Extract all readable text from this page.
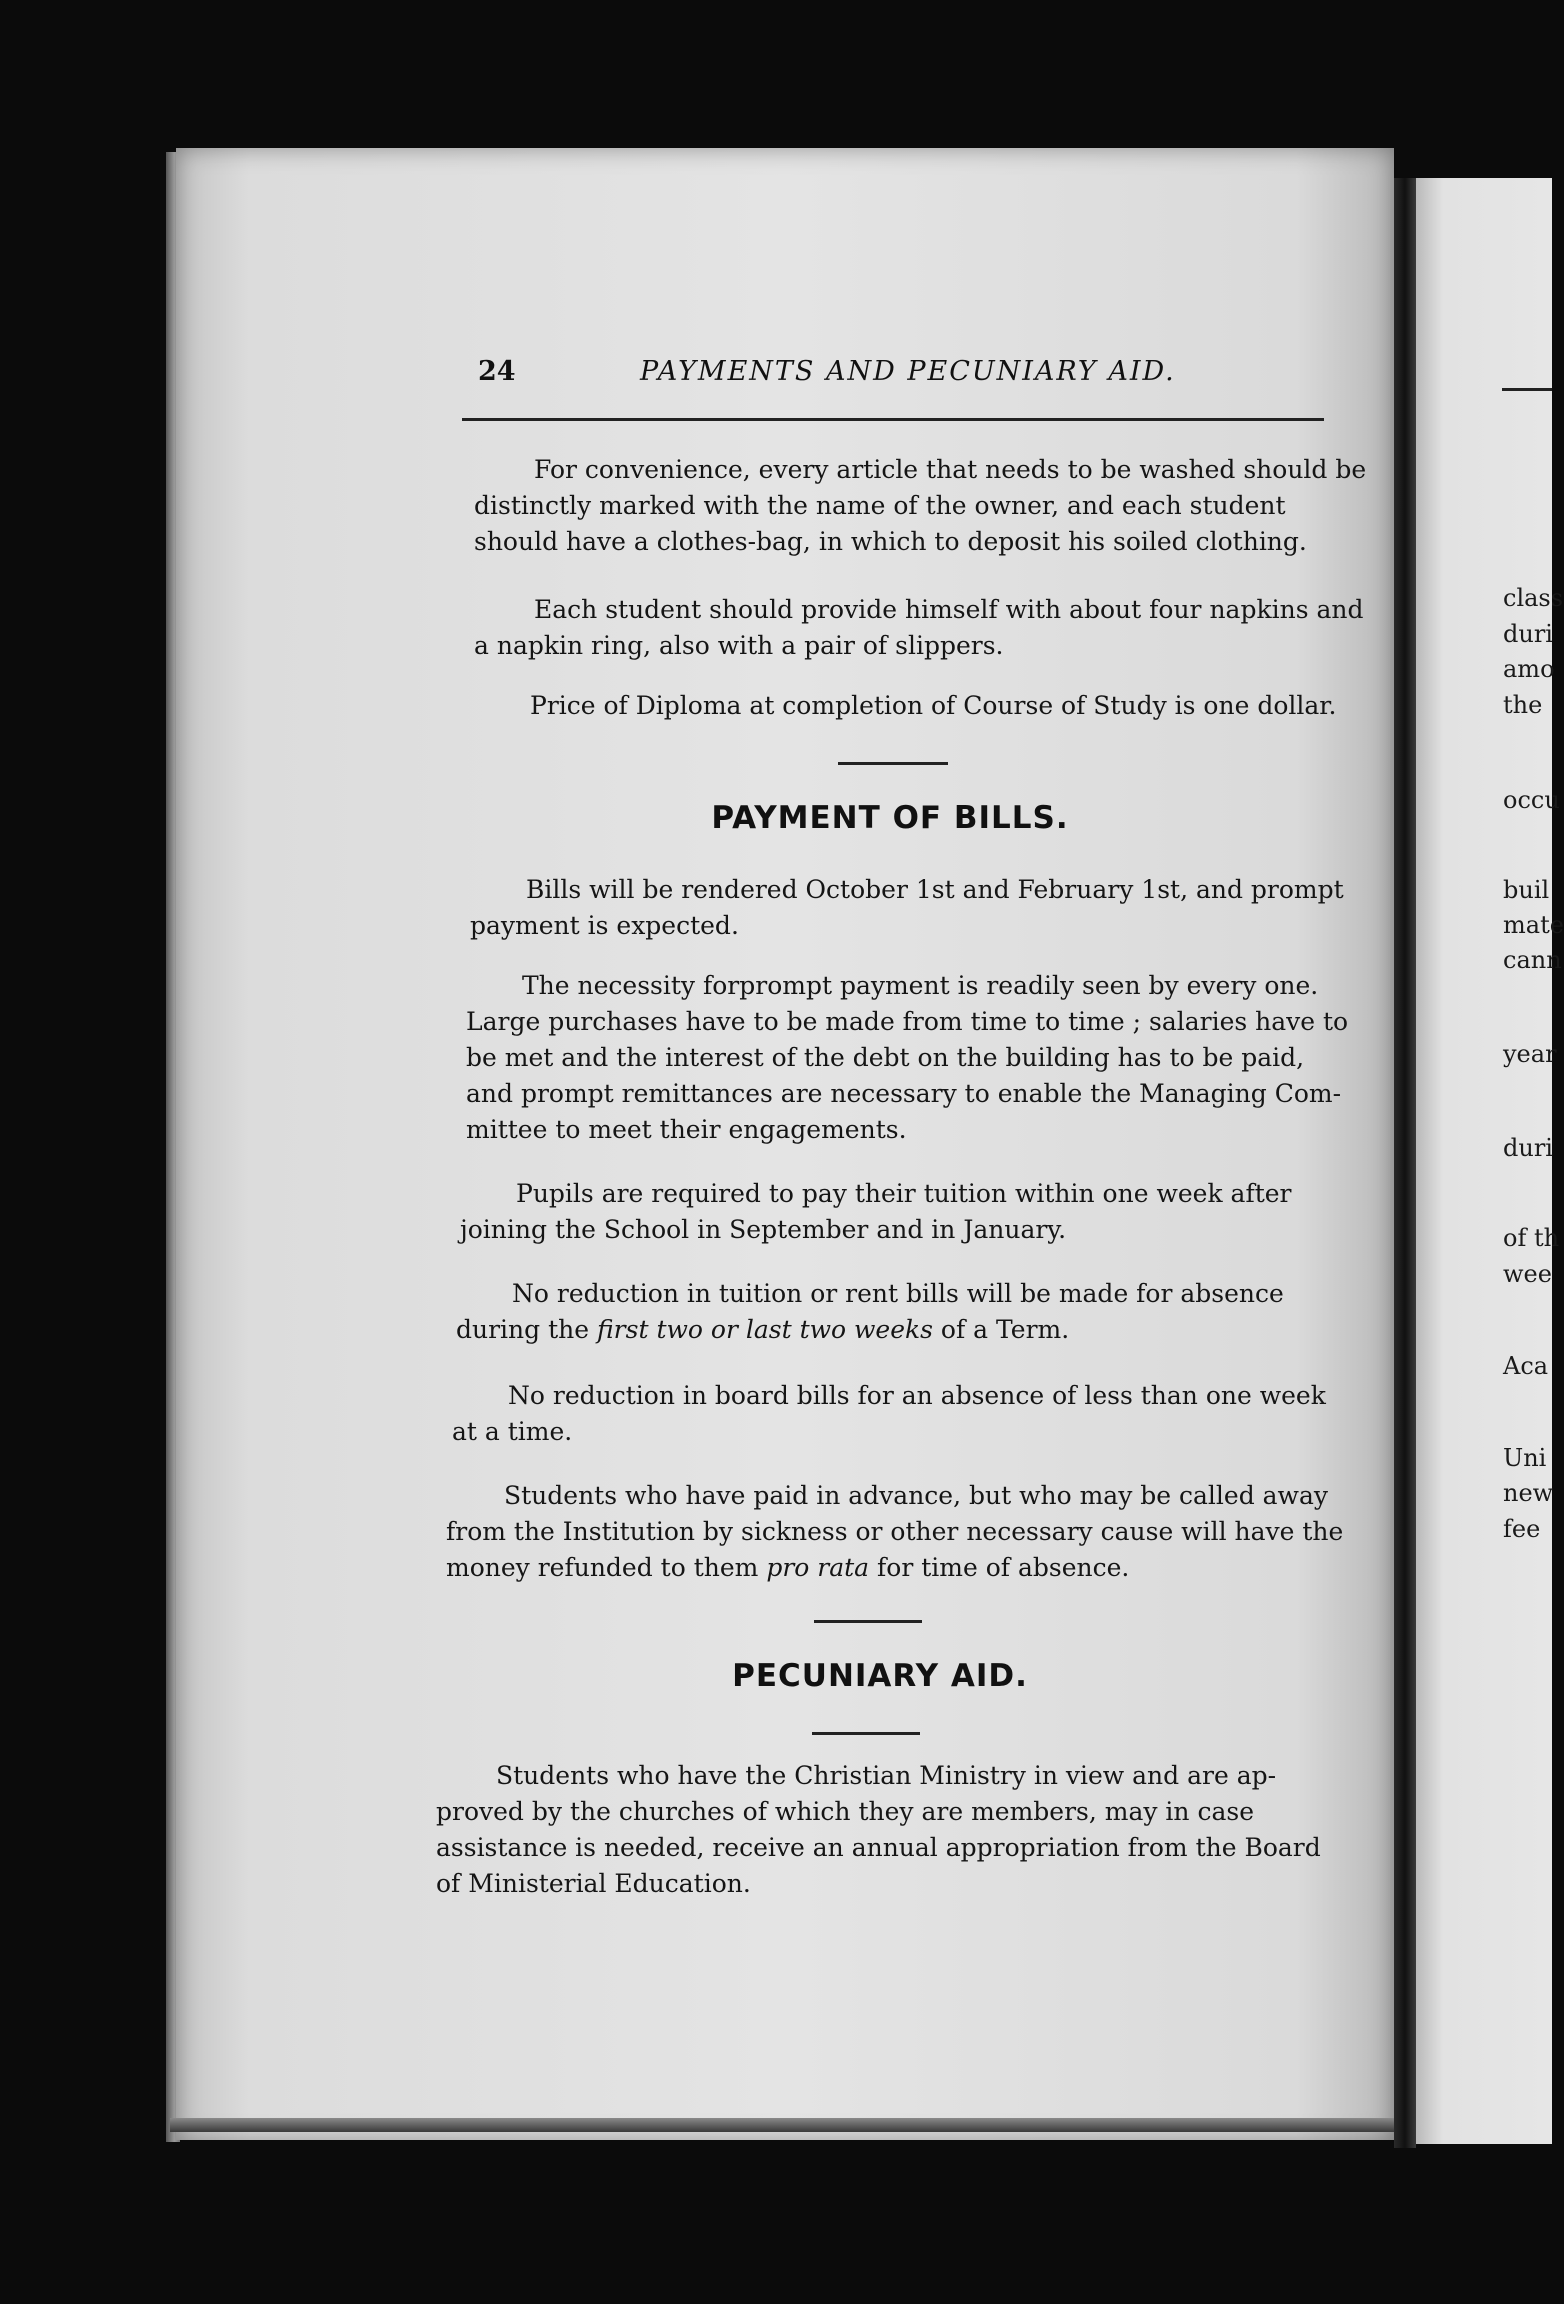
class
duri
amo
the
occu
buil
mate
cann
year
duri
of th
wee
Aca
Uni
new
fee
24	PAYMENTS AND PECUNIARY AID.
For convenience, every article that needs to be washed should be
distinctly marked with the name of the owner, and each student
should have a clothes-bag, in which to deposit his soiled clothing.
Each student should provide himself with about four napkins and
a napkin ring, also with a pair of slippers.
Price of Diploma at completion of Course of Study is one dollar.
PAYMENT OF BILLS.
Bills will be rendered October 1st and February 1st, and prompt
payment is expected.
The necessity forprompt payment is readily seen by every one.
Large purchases have to be made from time to time ; salaries have to
be met and the interest of the debt on the building has to be paid,
and prompt remittances are necessary to enable the Managing Com-
mittee to meet their engagements.
Pupils are required to pay their tuition within one week after
joining the School in September and in January.
No reduction in tuition or rent bills will be made for absence
during the first two or last two weeks of a Term.
No reduction in board bills for an absence of less than one week
at a time.
Students who have paid in advance, but who may be called away
from the Institution by sickness or other necessary cause will have the
money refunded to them pro rata for time of absence.
PECUNIARY AID.
Students who have the Christian Ministry in view and are ap-
proved by the churches of which they are members, may in case
assistance is needed, receive an annual appropriation from the Board
of Ministerial Education.
